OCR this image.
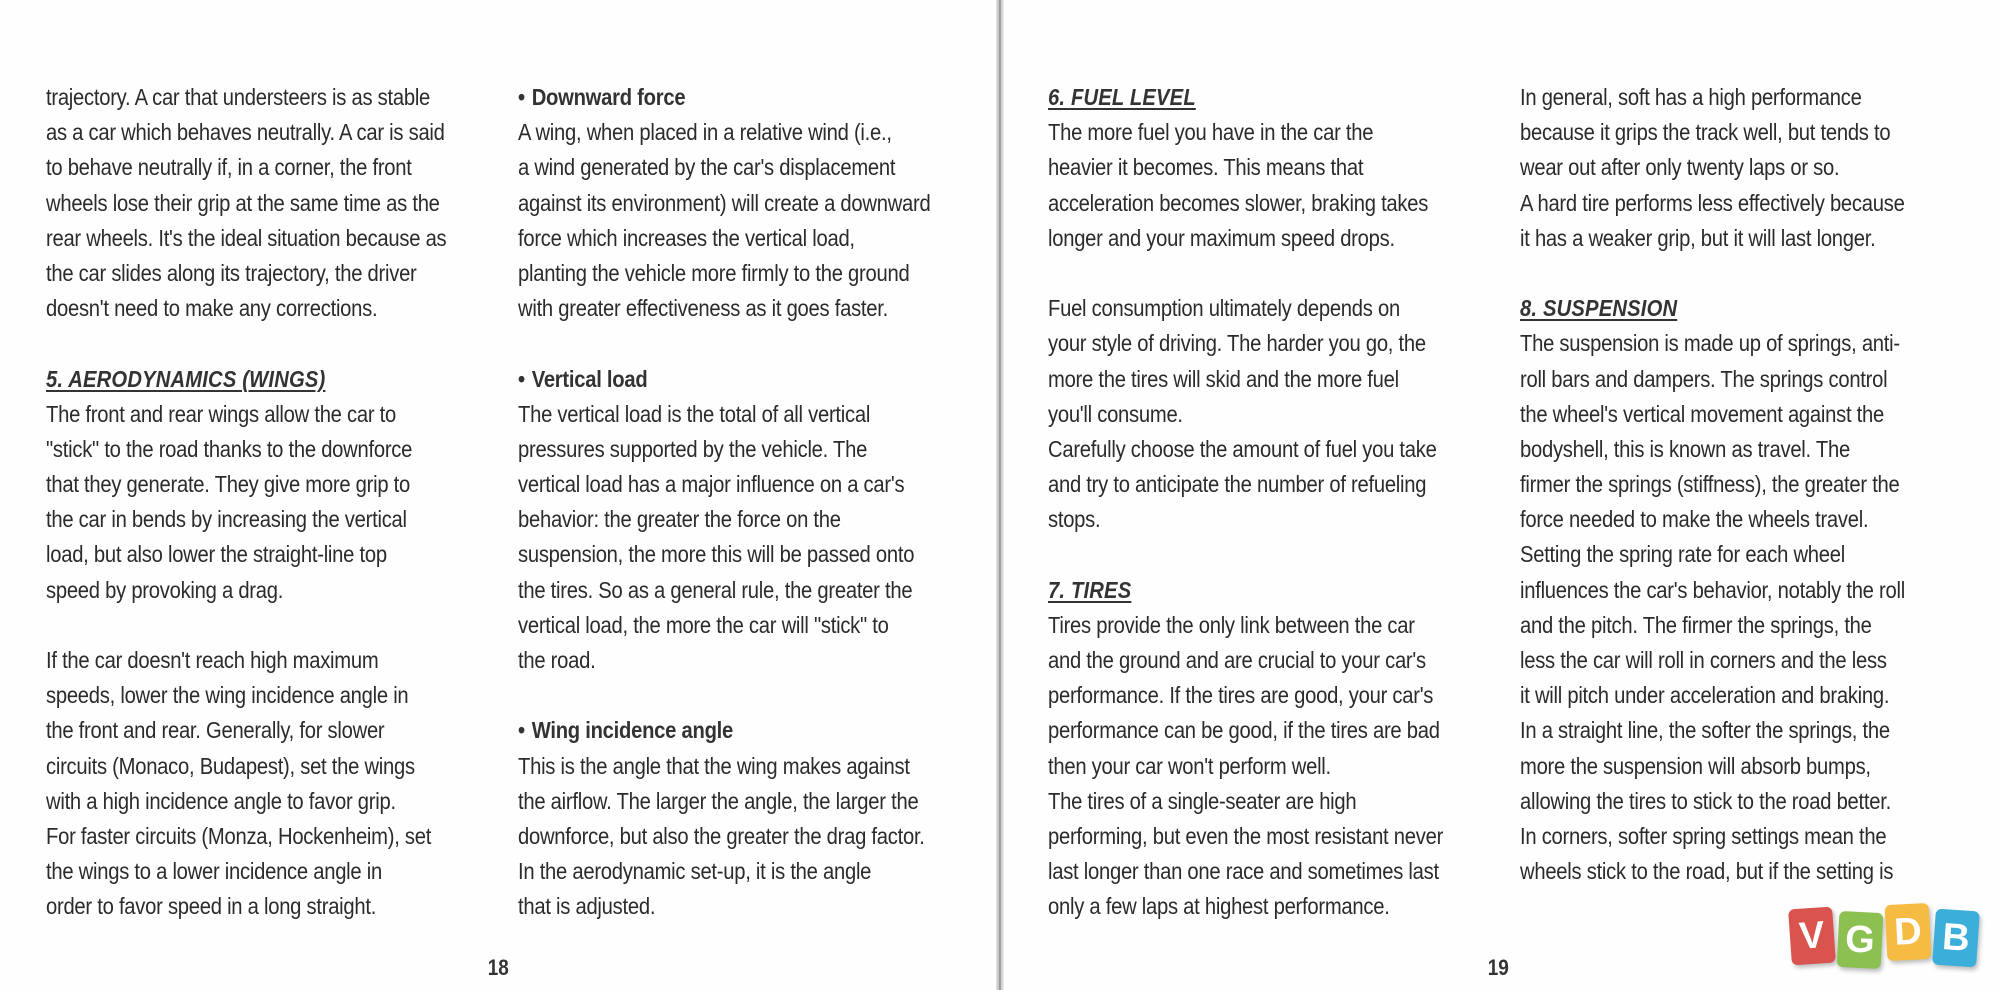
trajectory. A car that understeers is as stable
as a car which behaves neutrally. A car is said
to behave neutrally if, in a corner, the front
wheels lose their grip at the same time as the
rear wheels. It's the ideal situation because as
the car slides along its trajectory, the driver
doesn't need to make any corrections.
5. AERODYNAMICS (WINGS)
The front and rear wings allow the car to
"stick" to the road thanks to the downforce
that they generate. They give more grip to
the car in bends by increasing the vertical
load, but also lower the straight-line top
speed by provoking a drag.
If the car doesn't reach high maximum
speeds, lower the wing incidence angle in
the front and rear. Generally, for slower
circuits (Monaco, Budapest), set the wings
with a high incidence angle to favor grip.
For faster circuits (Monza, Hockenheim), set
the wings to a lower incidence angle in
order to favor speed in a long straight.
• Downward force
A wing, when placed in a relative wind (i.e.,
a wind generated by the car's displacement
against its environment) will create a downward
force which increases the vertical load,
planting the vehicle more firmly to the ground
with greater effectiveness as it goes faster.
• Vertical load
The vertical load is the total of all vertical
pressures supported by the vehicle. The
vertical load has a major influence on a car's
behavior: the greater the force on the
suspension, the more this will be passed onto
the tires. So as a general rule, the greater the
vertical load, the more the car will "stick" to
the road.
• Wing incidence angle
This is the angle that the wing makes against
the airflow. The larger the angle, the larger the
downforce, but also the greater the drag factor.
In the aerodynamic set-up, it is the angle
that is adjusted.
18
6. FUEL LEVEL
The more fuel you have in the car the
heavier it becomes. This means that
acceleration becomes slower, braking takes
longer and your maximum speed drops.
Fuel consumption ultimately depends on
your style of driving. The harder you go, the
more the tires will skid and the more fuel
you'll consume.
Carefully choose the amount of fuel you take
and try to anticipate the number of refueling
stops.
7. TIRES
Tires provide the only link between the car
and the ground and are crucial to your car's
performance. If the tires are good, your car's
performance can be good, if the tires are bad
then your car won't perform well.
The tires of a single-seater are high
performing, but even the most resistant never
last longer than one race and sometimes last
only a few laps at highest performance.
In general, soft has a high performance
because it grips the track well, but tends to
wear out after only twenty laps or so.
A hard tire performs less effectively because
it has a weaker grip, but it will last longer.
8. SUSPENSION
The suspension is made up of springs, anti-
roll bars and dampers. The springs control
the wheel's vertical movement against the
bodyshell, this is known as travel. The
firmer the springs (stiffness), the greater the
force needed to make the wheels travel.
Setting the spring rate for each wheel
influences the car's behavior, notably the roll
and the pitch. The firmer the springs, the
less the car will roll in corners and the less
it will pitch under acceleration and braking.
In a straight line, the softer the springs, the
more the suspension will absorb bumps,
allowing the tires to stick to the road better.
In corners, softer spring settings mean the
wheels stick to the road, but if the setting is
19
V G D B
